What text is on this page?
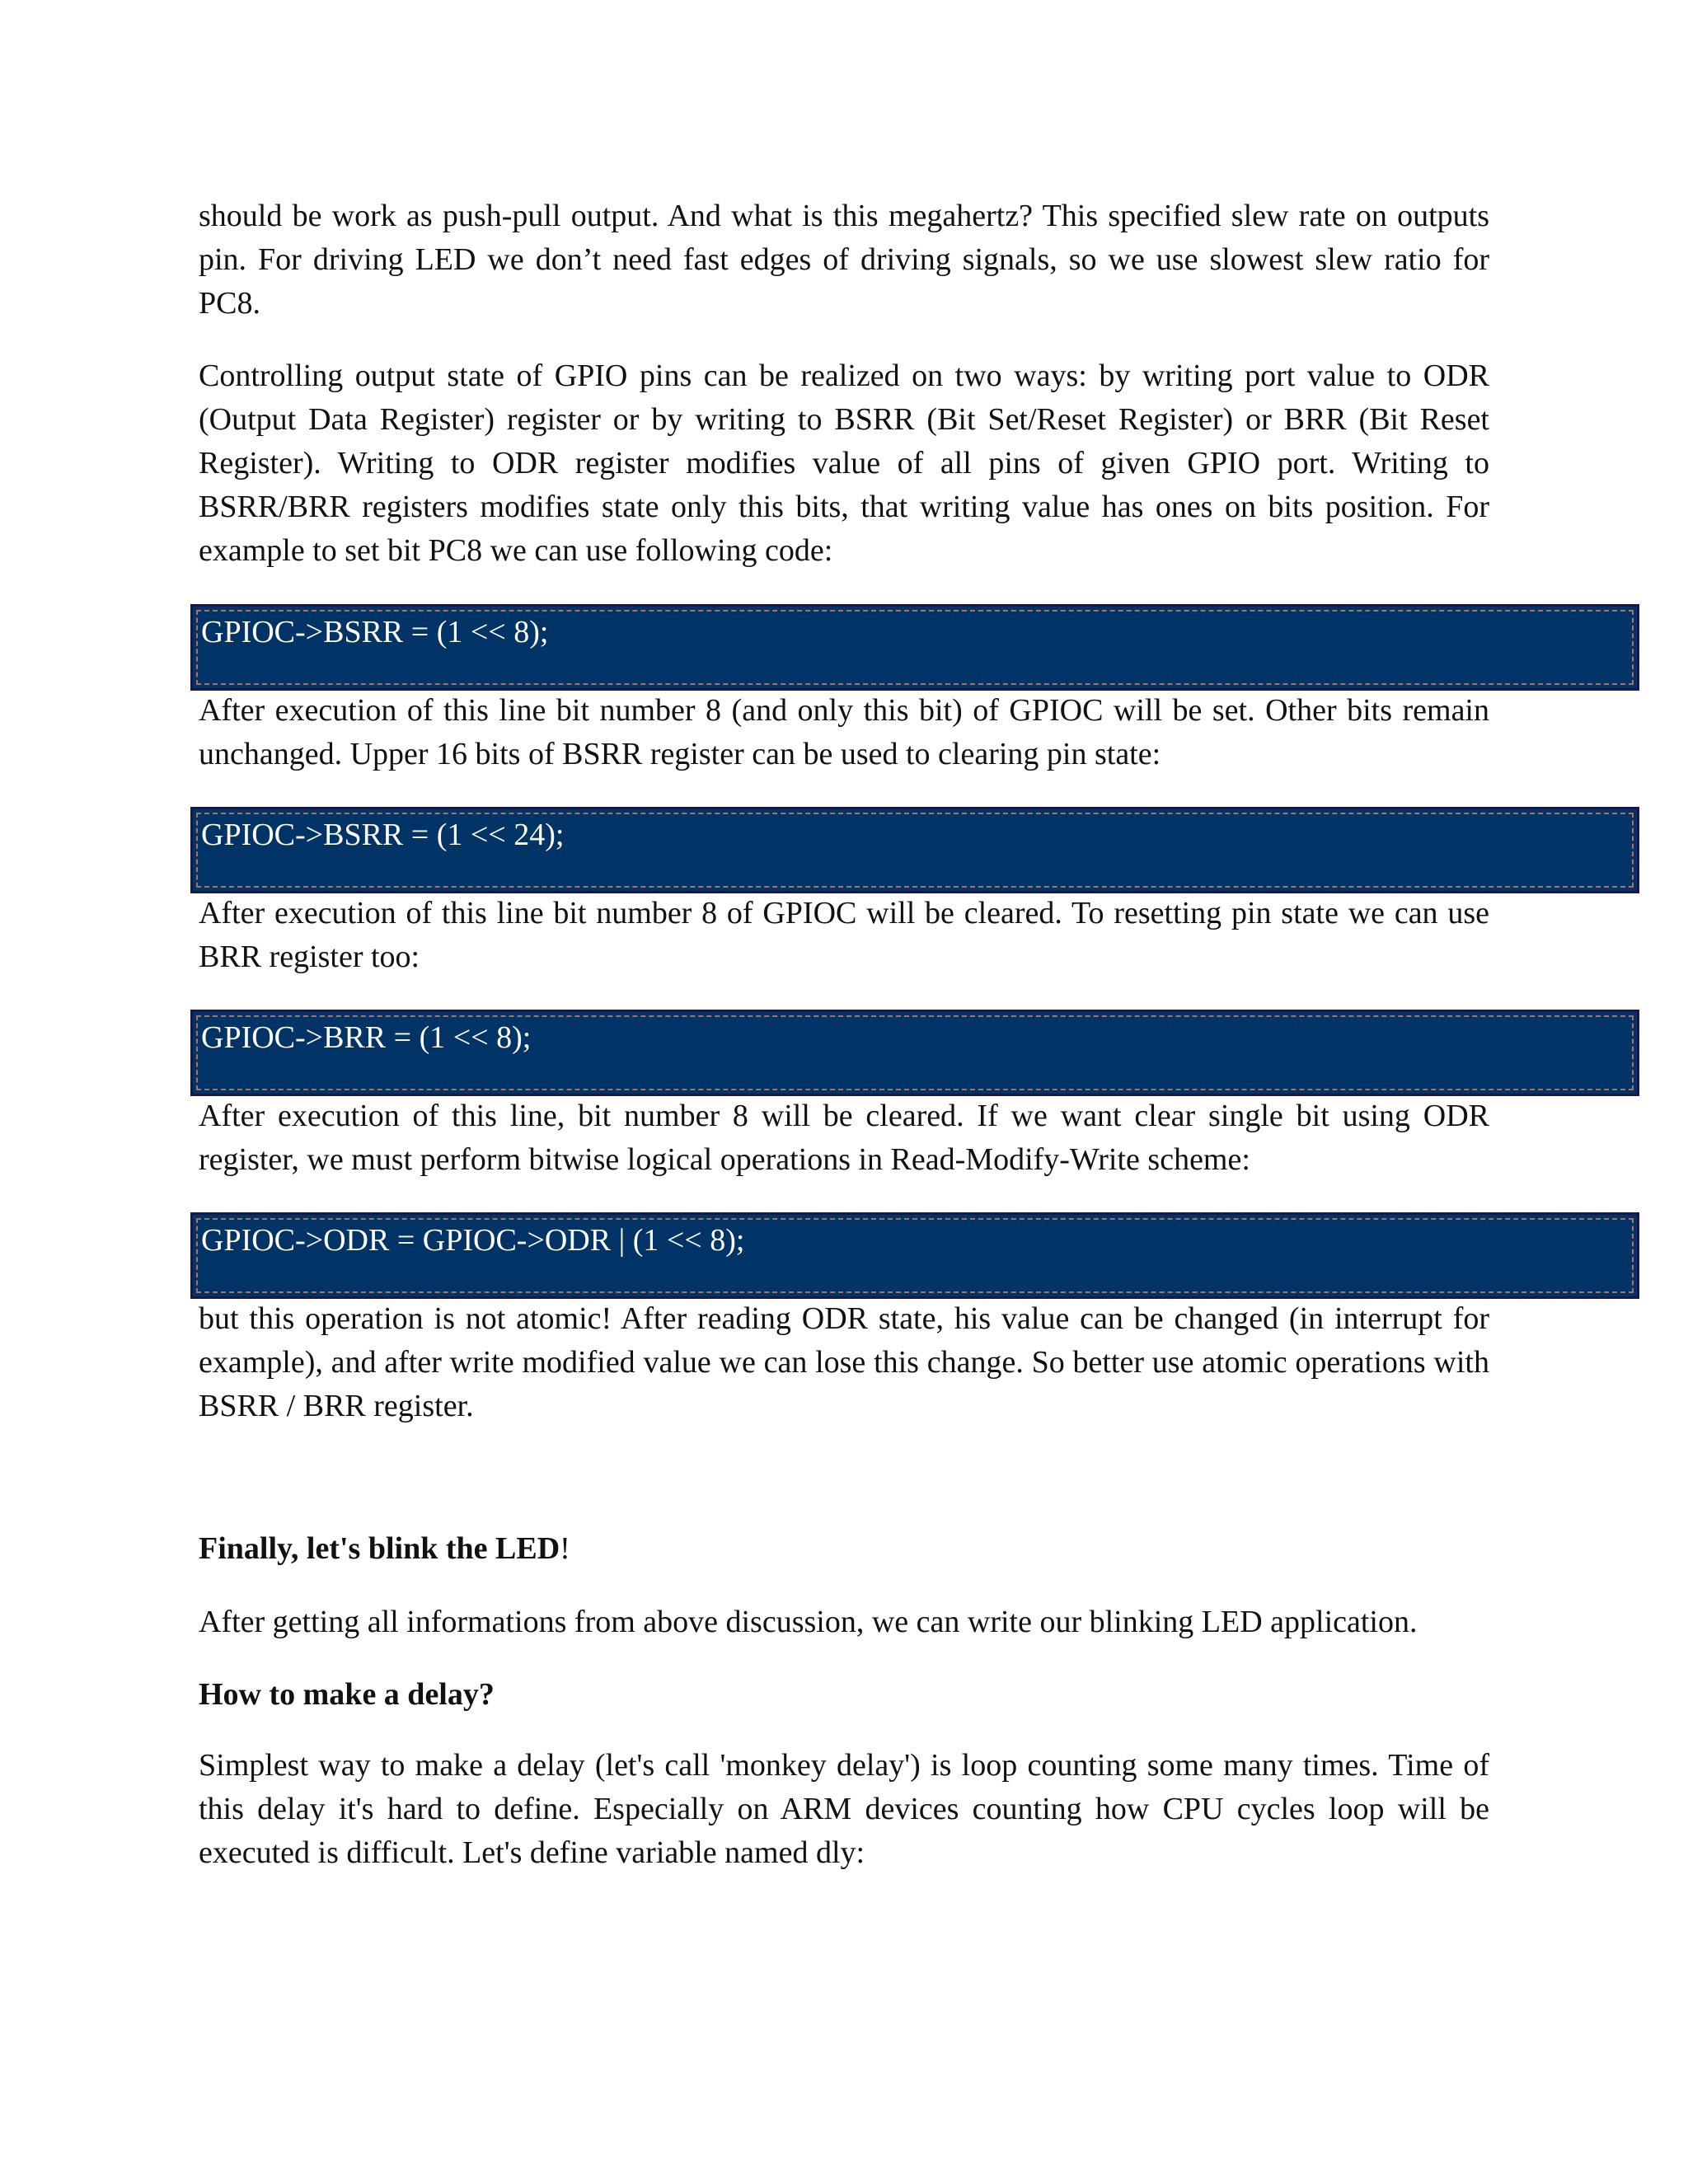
should be work as push-pull output. And what is this megahertz? This specified slew rate on outputs pin. For driving LED we don’t need fast edges of driving signals, so we use slowest slew ratio for PC8.

Controlling output state of GPIO pins can be realized on two ways: by writing port value to ODR (Output Data Register) register or by writing to BSRR (Bit Set/Reset Register) or BRR (Bit Reset Register). Writing to ODR register modifies value of all pins of given GPIO port. Writing to BSRR/BRR registers modifies state only this bits, that writing value has ones on bits position. For example to set bit PC8 we can use following code:

GPIOC->BSRR = (1 << 8);

After execution of this line bit number 8 (and only this bit) of GPIOC will be set. Other bits remain unchanged. Upper 16 bits of BSRR register can be used to clearing pin state:

GPIOC->BSRR = (1 << 24);

After execution of this line bit number 8 of GPIOC will be cleared. To resetting pin state we can use BRR register too:

GPIOC->BRR = (1 << 8);

After execution of this line, bit number 8 will be cleared. If we want clear single bit using ODR register, we must perform bitwise logical operations in Read-Modify-Write scheme:

GPIOC->ODR = GPIOC->ODR | (1 << 8);

but this operation is not atomic! After reading ODR state, his value can be changed (in interrupt for example), and after write modified value we can lose this change. So better use atomic operations with BSRR / BRR register.

Finally, let's blink the LED!

After getting all informations from above discussion, we can write our blinking LED application.

How to make a delay?

Simplest way to make a delay (let's call 'monkey delay') is loop counting some many times. Time of this delay it's hard to define. Especially on ARM devices counting how CPU cycles loop will be executed is difficult. Let's define variable named dly:
